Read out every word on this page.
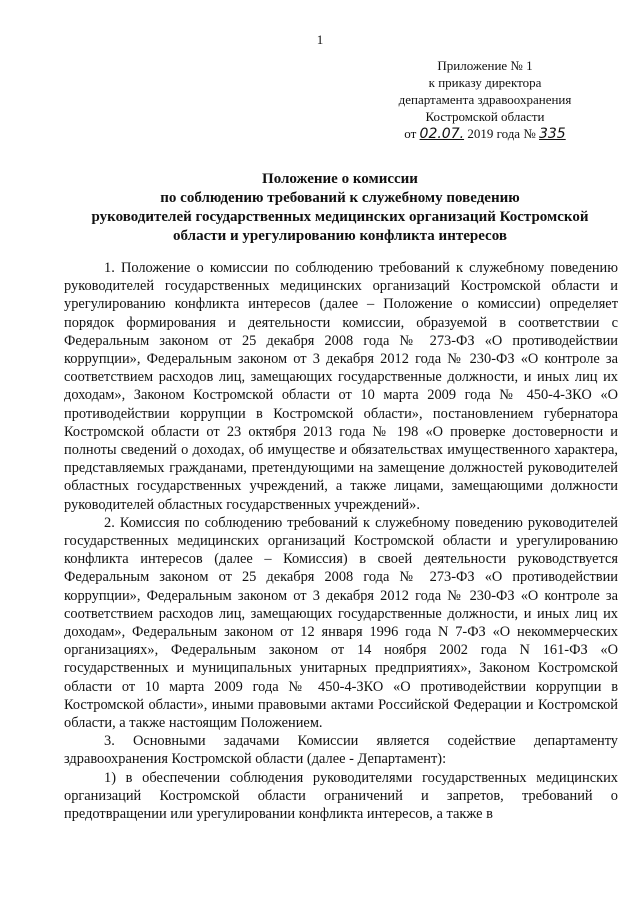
1
Приложение № 1
к приказу директора
департамента здравоохранения
Костромской области
от 02.07. 2019 года № 335
Положение о комиссии
по соблюдению требований к служебному поведению
руководителей государственных медицинских организаций Костромской
области и урегулированию конфликта интересов

1. Положение о комиссии по соблюдению требований к служебному поведению руководителей государственных медицинских организаций Костромской области и урегулированию конфликта интересов (далее – Положение о комиссии) определяет порядок формирования и деятельности комиссии, образуемой в соответствии с Федеральным законом от 25 декабря 2008 года № 273-ФЗ «О противодействии коррупции», Федеральным законом от 3 декабря 2012 года № 230-ФЗ «О контроле за соответствием расходов лиц, замещающих государственные должности, и иных лиц их доходам», Законом Костромской области от 10 марта 2009 года № 450-4-ЗКО «О противодействии коррупции в Костромской области», постановлением губернатора Костромской области от 23 октября 2013 года № 198 «О проверке достоверности и полноты сведений о доходах, об имуществе и обязательствах имущественного характера, представляемых гражданами, претендующими на замещение должностей руководителей областных государственных учреждений, а также лицами, замещающими должности руководителей областных государственных учреждений».

2. Комиссия по соблюдению требований к служебному поведению руководителей государственных медицинских организаций Костромской области и урегулированию конфликта интересов (далее – Комиссия) в своей деятельности руководствуется Федеральным законом от 25 декабря 2008 года № 273-ФЗ «О противодействии коррупции», Федеральным законом от 3 декабря 2012 года № 230-ФЗ «О контроле за соответствием расходов лиц, замещающих государственные должности, и иных лиц их доходам», Федеральным законом от 12 января 1996 года N 7-ФЗ «О некоммерческих организациях», Федеральным законом от 14 ноября 2002 года N 161-ФЗ «О государственных и муниципальных унитарных предприятиях», Законом Костромской области от 10 марта 2009 года № 450-4-ЗКО «О противодействии коррупции в Костромской области», иными правовыми актами Российской Федерации и Костромской области, а также настоящим Положением.

3. Основными задачами Комиссии является содействие департаменту здравоохранения Костромской области (далее - Департамент):

1) в обеспечении соблюдения руководителями государственных медицинских организаций Костромской области ограничений и запретов, требований о предотвращении или урегулировании конфликта интересов, а также в
